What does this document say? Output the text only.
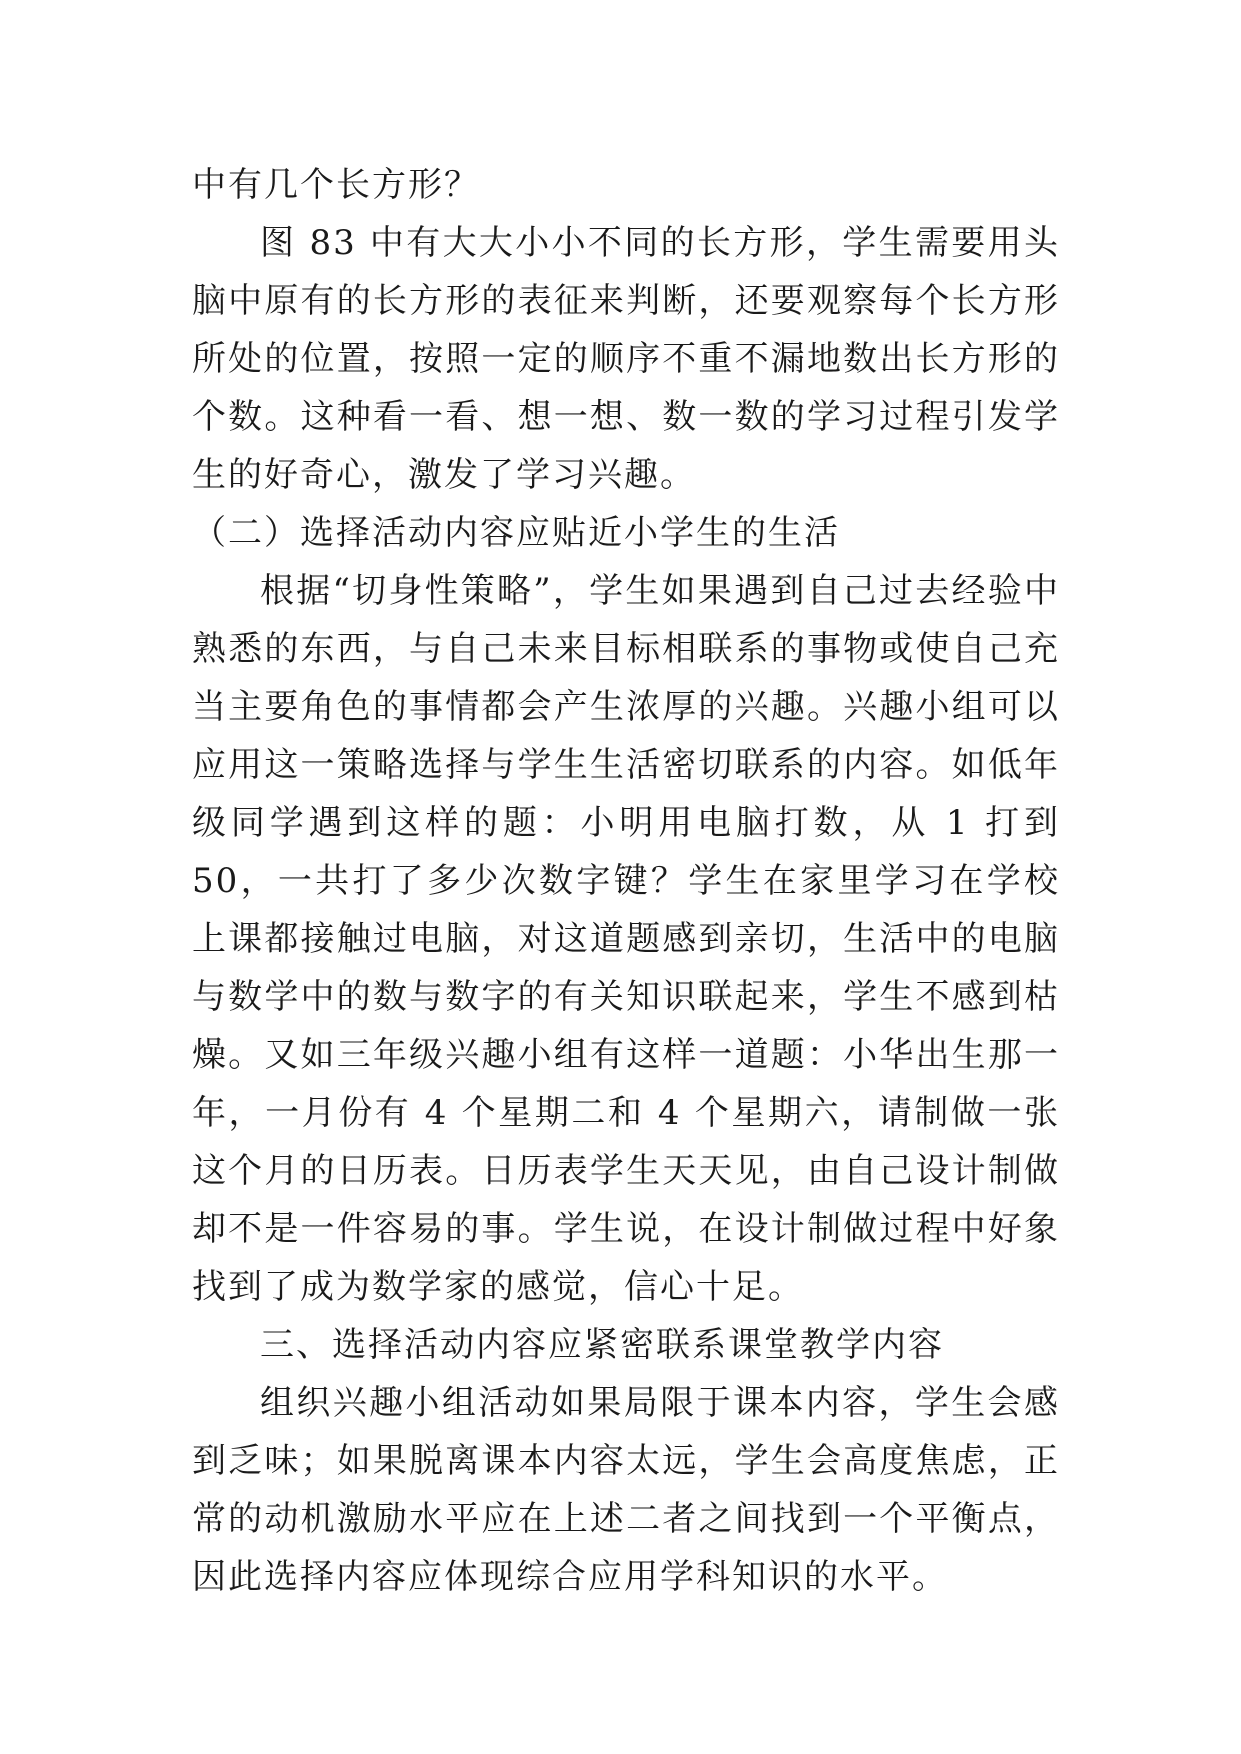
中有几个长方形？

图 83 中有大大小小不同的长方形，学生需要用头脑中原有的长方形的表征来判断，还要观察每个长方形所处的位置，按照一定的顺序不重不漏地数出长方形的个数。这种看一看、想一想、数一数的学习过程引发学生的好奇心，激发了学习兴趣。

（二）选择活动内容应贴近小学生的生活

根据“切身性策略”，学生如果遇到自己过去经验中熟悉的东西，与自己未来目标相联系的事物或使自己充当主要角色的事情都会产生浓厚的兴趣。兴趣小组可以应用这一策略选择与学生生活密切联系的内容。如低年级同学遇到这样的题：小明用电脑打数，从 1 打到 50，一共打了多少次数字键？学生在家里学习在学校上课都接触过电脑，对这道题感到亲切，生活中的电脑与数学中的数与数字的有关知识联起来，学生不感到枯燥。又如三年级兴趣小组有这样一道题：小华出生那一年，一月份有 4 个星期二和 4 个星期六，请制做一张这个月的日历表。日历表学生天天见，由自己设计制做却不是一件容易的事。学生说，在设计制做过程中好象找到了成为数学家的感觉，信心十足。

三、选择活动内容应紧密联系课堂教学内容

组织兴趣小组活动如果局限于课本内容，学生会感到乏味；如果脱离课本内容太远，学生会高度焦虑，正常的动机激励水平应在上述二者之间找到一个平衡点，因此选择内容应体现综合应用学科知识的水平。
